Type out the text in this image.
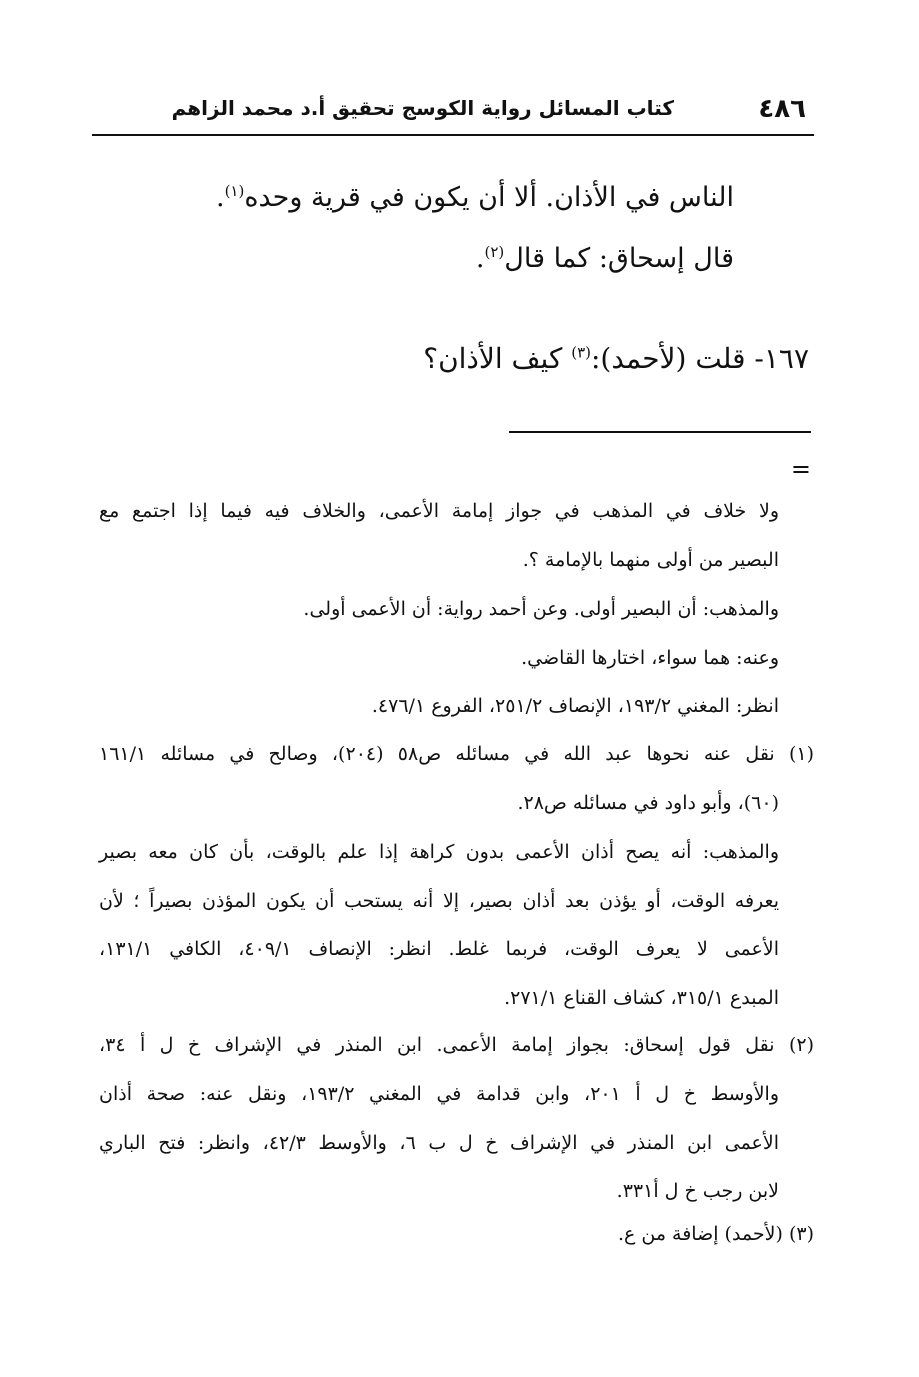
٤٨٦
كتاب المسائل رواية الكوسج تحقيق أ.د محمد الزاهم
الناس في الأذان. ألا أن يكون في قرية وحده$^{(١)}$.
قال إسحاق: كما قال$^{(٢)}$.
١٦٧- قلت (لأحمد):$^{(٣)}$ كيف الأذان؟
=
ولا خلاف في المذهب في جواز إمامة الأعمى، والخلاف فيه فيما إذا اجتمع مع
البصير من أولى منهما بالإمامة ؟.
والمذهب: أن البصير أولى. وعن أحمد رواية: أن الأعمى أولى.
وعنه: هما سواء، اختارها القاضي.
انظر: المغني ١٩٣/٢، الإنصاف ٢٥١/٢، الفروع ٤٧٦/١.
(١) نقل عنه نحوها عبد الله في مسائله ص٥٨ (٢٠٤)، وصالح في مسائله ١٦١/١
(٦٠)، وأبو داود في مسائله ص٢٨.
والمذهب: أنه يصح أذان الأعمى بدون كراهة إذا علم بالوقت، بأن كان معه بصير
يعرفه الوقت، أو يؤذن بعد أذان بصير، إلا أنه يستحب أن يكون المؤذن بصيراً ؛ لأن
الأعمى لا يعرف الوقت، فربما غلط. انظر: الإنصاف ٤٠٩/١، الكافي ١٣١/١،
المبدع ٣١٥/١، كشاف القناع ٢٧١/١.
(٢) نقل قول إسحاق: بجواز إمامة الأعمى. ابن المنذر في الإشراف خ ل أ ٣٤،
والأوسط خ ل أ ٢٠١، وابن قدامة في المغني ١٩٣/٢، ونقل عنه: صحة أذان
الأعمى ابن المنذر في الإشراف خ ل ب ٦، والأوسط ٤٢/٣، وانظر: فتح الباري
لابن رجب خ ل أ٣٣١.
(٣) (لأحمد) إضافة من ع.
